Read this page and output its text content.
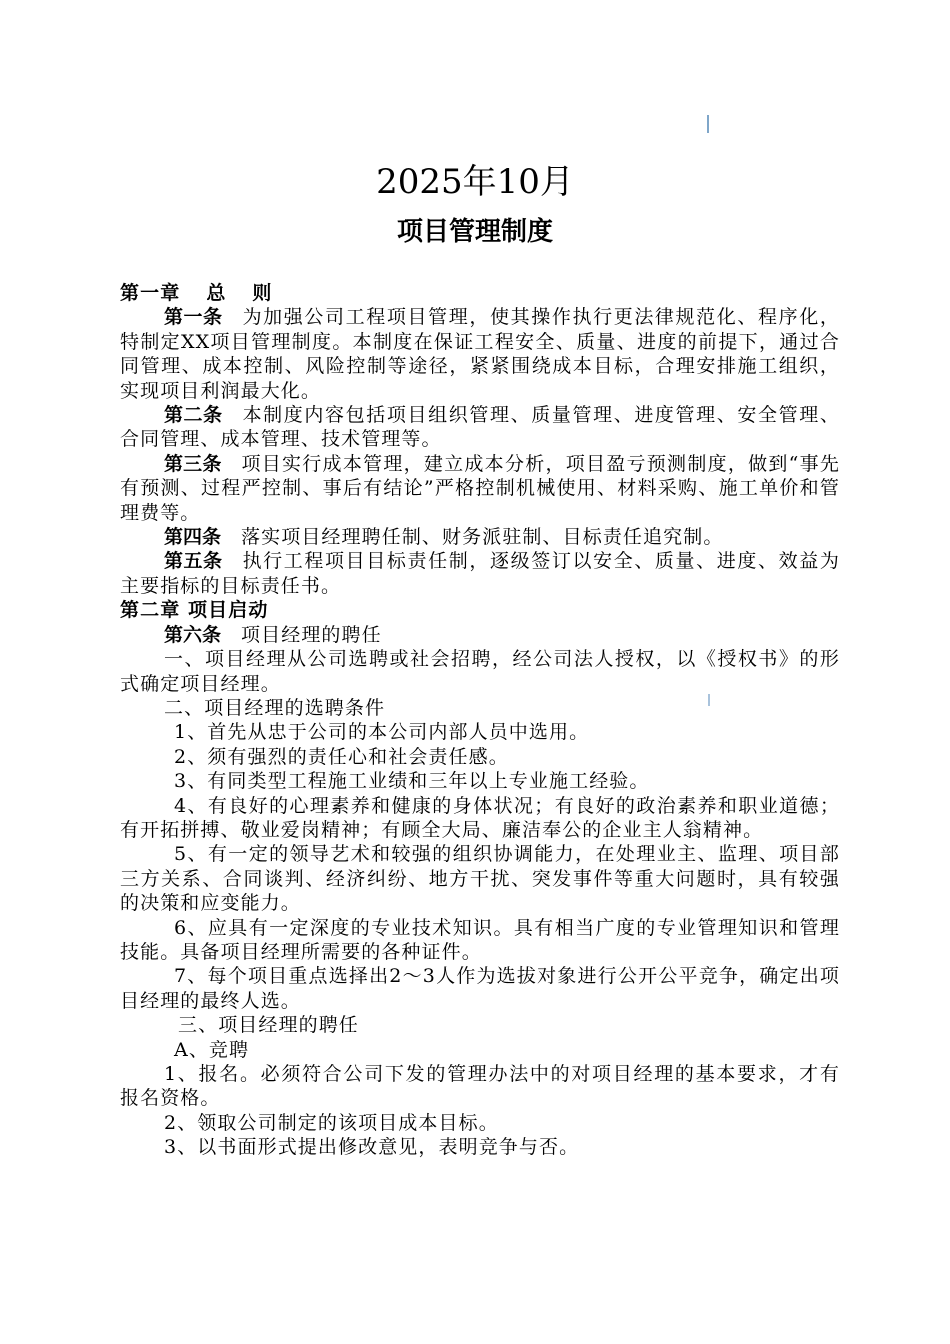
2025年10月
项目管理制度

第一章 总 则

第一条 为加强公司工程项目管理，使其操作执行更法律规范化、程序化，特制定XX项目管理制度。本制度在保证工程安全、质量、进度的前提下，通过合同管理、成本控制、风险控制等途径，紧紧围绕成本目标，合理安排施工组织，实现项目利润最大化。

第二条 本制度内容包括项目组织管理、质量管理、进度管理、安全管理、合同管理、成本管理、技术管理等。

第三条 项目实行成本管理，建立成本分析，项目盈亏预测制度，做到“事先有预测、过程严控制、事后有结论”严格控制机械使用、材料采购、施工单价和管理费等。

第四条 落实项目经理聘任制、财务派驻制、目标责任追究制。

第五条 执行工程项目目标责任制，逐级签订以安全、质量、进度、效益为主要指标的目标责任书。

第二章 项目启动

第六条 项目经理的聘任

一、项目经理从公司选聘或社会招聘，经公司法人授权，以《授权书》的形式确定项目经理。

二、项目经理的选聘条件

1、首先从忠于公司的本公司内部人员中选用。

2、须有强烈的责任心和社会责任感。

3、有同类型工程施工业绩和三年以上专业施工经验。

4、有良好的心理素养和健康的身体状况；有良好的政治素养和职业道德；有开拓拼搏、敬业爱岗精神；有顾全大局、廉洁奉公的企业主人翁精神。

5、有一定的领导艺术和较强的组织协调能力，在处理业主、监理、项目部三方关系、合同谈判、经济纠纷、地方干扰、突发事件等重大问题时，具有较强的决策和应变能力。

6、应具有一定深度的专业技术知识。具有相当广度的专业管理知识和管理技能。具备项目经理所需要的各种证件。

7、每个项目重点选择出2～3人作为选拔对象进行公开公平竞争，确定出项目经理的最终人选。

三、项目经理的聘任

A、竞聘

1、报名。必须符合公司下发的管理办法中的对项目经理的基本要求，才有报名资格。

2、领取公司制定的该项目成本目标。

3、以书面形式提出修改意见，表明竞争与否。
